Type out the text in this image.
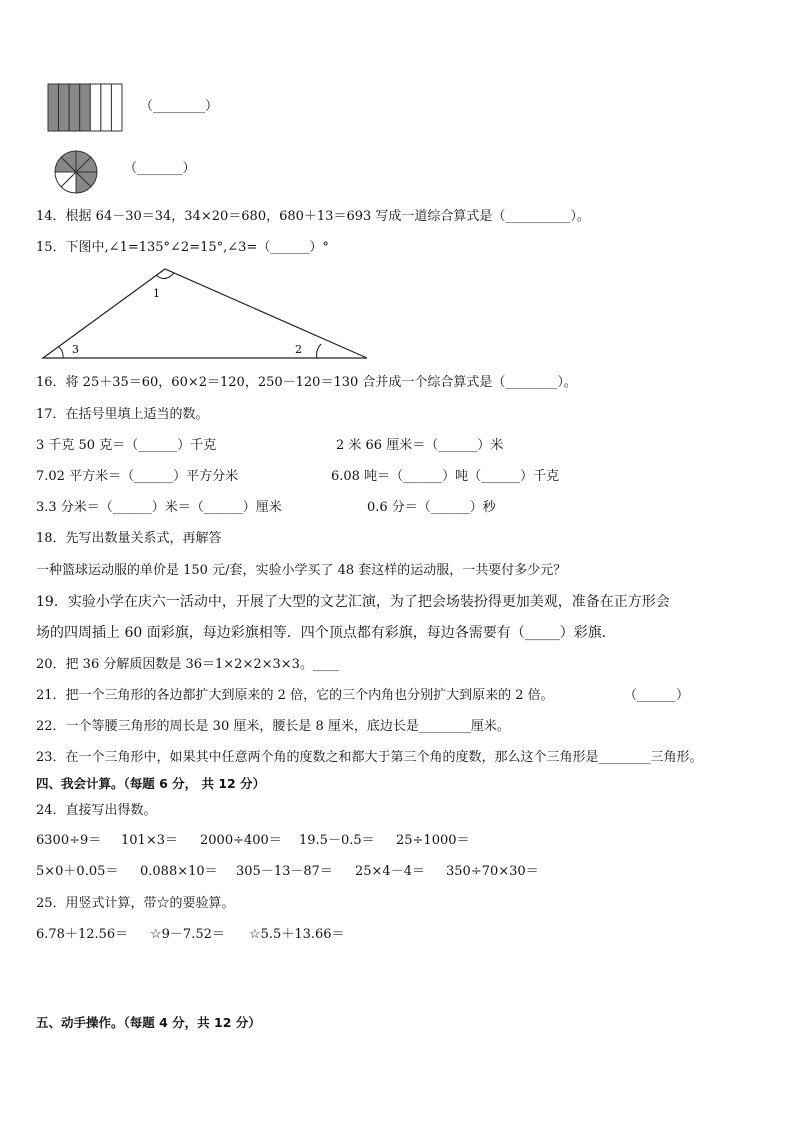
（________）
（_______）
14．根据 64－30＝34，34×20＝680，680＋13＝693 写成一道综合算式是（__________）。
15．下图中,∠1=135°∠2=15°,∠3=（______）°
1
3	2
16．将 25＋35＝60，60×2＝120，250－120＝130 合并成一个综合算式是（________）。
17．在括号里填上适当的数。
3 千克 50 克＝（______）千克	2 米 66 厘米＝（______）米
7.02 平方米＝（______）平方分米	6.08 吨＝（______）吨（______）千克
3.3 分米＝（______）米＝（______）厘米	0.6 分＝（______）秒
18．先写出数量关系式，再解答
一种篮球运动服的单价是 150 元/套，实验小学买了 48 套这样的运动服，一共要付多少元？
19．实验小学在庆六一活动中，开展了大型的文艺汇演，为了把会场装扮得更加美观，准备在正方形会
场的四周插上 60 面彩旗，每边彩旗相等．四个顶点都有彩旗，每边各需要有（_____）彩旗．
20．把 36 分解质因数是 36＝1×2×2×3×3。____
21．把一个三角形的各边都扩大到原来的 2 倍，它的三个内角也分别扩大到原来的 2 倍。	（______）
22．一个等腰三角形的周长是 30 厘米，腰长是 8 厘米，底边长是________厘米。
23．在一个三角形中，如果其中任意两个角的度数之和都大于第三个角的度数，那么这个三角形是________三角形。
四、我会计算。（每题 6 分， 共 12 分）
24．直接写出得数。
6300÷9＝ 101×3＝ 2000÷400＝ 19.5－0.5＝ 25÷1000＝
5×0＋0.05＝ 0.088×10＝ 305－13－87＝ 25×4－4＝ 350÷70×30＝
25．用竖式计算，带☆的要验算。
6.78＋12.56＝ ☆9－7.52＝ ☆5.5＋13.66＝
五、动手操作。（每题 4 分，共 12 分）
